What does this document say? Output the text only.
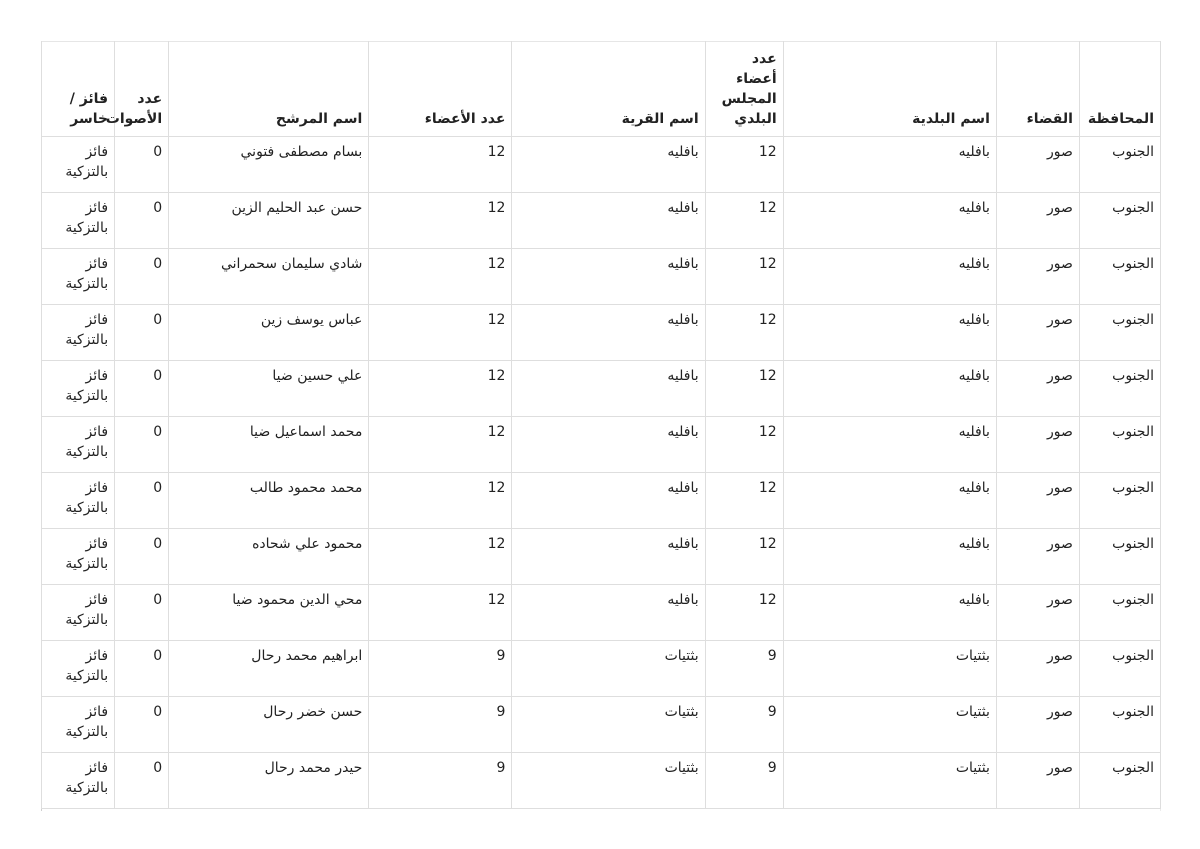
المحافظة	القضاء	اسم البلدية	عدد أعضاء المجلس البلدي	اسم القرية	عدد الأعضاء	اسم المرشح	عدد الأصوات	فائز / خاسر
الجنوب	صور	بافليه	12	بافليه	12	بسام مصطفى فتوني	0	فائز بالتزكية
الجنوب	صور	بافليه	12	بافليه	12	حسن عبد الحليم الزين	0	فائز بالتزكية
الجنوب	صور	بافليه	12	بافليه	12	شادي سليمان سحمراني	0	فائز بالتزكية
الجنوب	صور	بافليه	12	بافليه	12	عباس يوسف زين	0	فائز بالتزكية
الجنوب	صور	بافليه	12	بافليه	12	علي حسين ضيا	0	فائز بالتزكية
الجنوب	صور	بافليه	12	بافليه	12	محمد اسماعيل ضيا	0	فائز بالتزكية
الجنوب	صور	بافليه	12	بافليه	12	محمد محمود طالب	0	فائز بالتزكية
الجنوب	صور	بافليه	12	بافليه	12	محمود علي شحاده	0	فائز بالتزكية
الجنوب	صور	بافليه	12	بافليه	12	محي الدين محمود ضيا	0	فائز بالتزكية
الجنوب	صور	بثتيات	9	بثتيات	9	ابراهيم محمد رحال	0	فائز بالتزكية
الجنوب	صور	بثتيات	9	بثتيات	9	حسن خضر رحال	0	فائز بالتزكية
الجنوب	صور	بثتيات	9	بثتيات	9	حيدر محمد رحال	0	فائز بالتزكية
